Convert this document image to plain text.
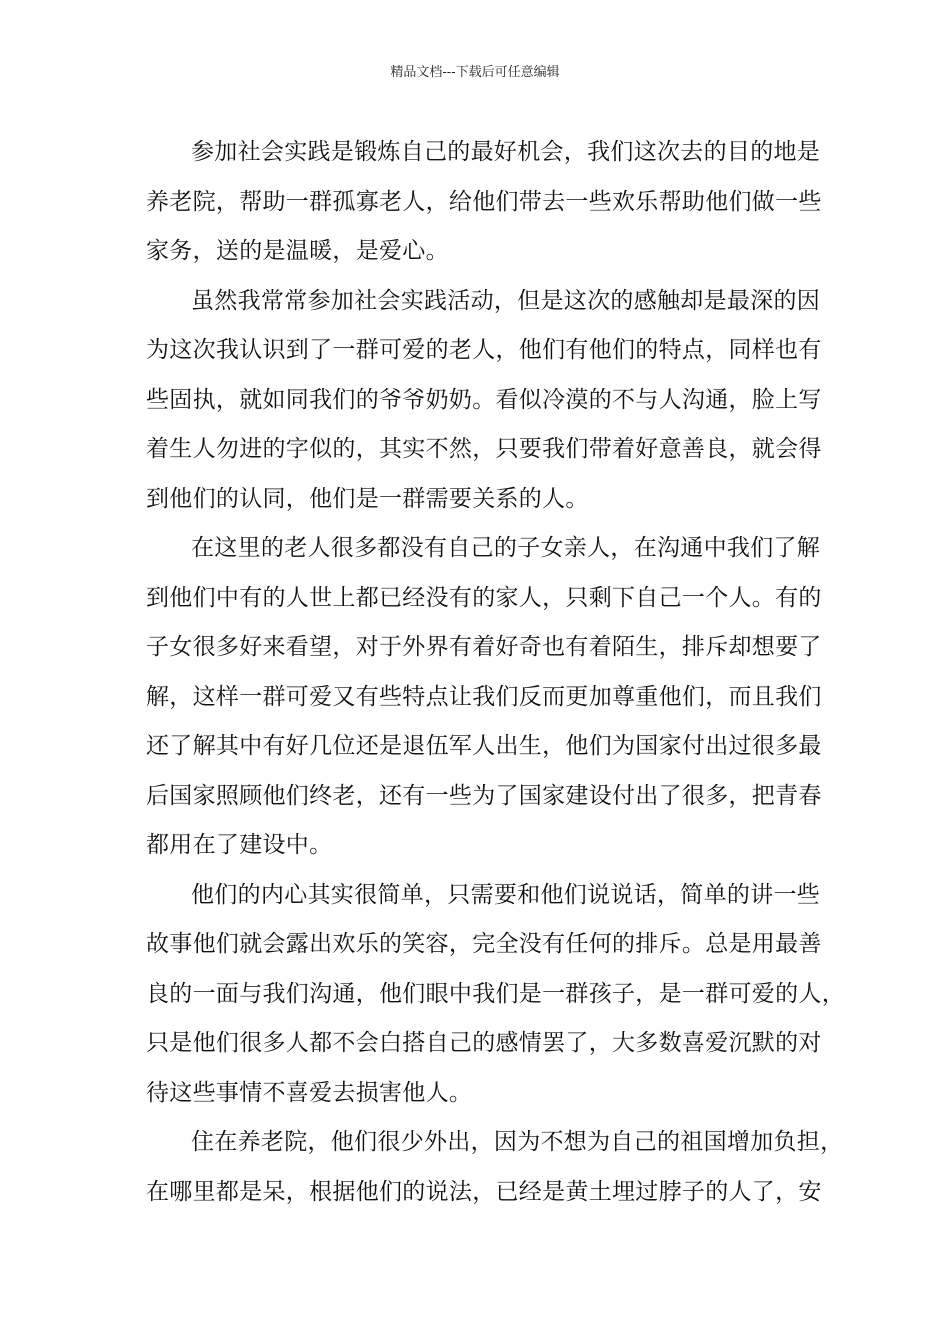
精品文档---下载后可任意编辑
参加社会实践是锻炼自己的最好机会，我们这次去的目的地是
养老院，帮助一群孤寡老人，给他们带去一些欢乐帮助他们做一些
家务，送的是温暖，是爱心。
虽然我常常参加社会实践活动，但是这次的感触却是最深的因
为这次我认识到了一群可爱的老人，他们有他们的特点，同样也有
些固执，就如同我们的爷爷奶奶。看似冷漠的不与人沟通，脸上写
着生人勿进的字似的，其实不然，只要我们带着好意善良，就会得
到他们的认同，他们是一群需要关系的人。
在这里的老人很多都没有自己的子女亲人，在沟通中我们了解
到他们中有的人世上都已经没有的家人，只剩下自己一个人。有的
子女很多好来看望，对于外界有着好奇也有着陌生，排斥却想要了
解，这样一群可爱又有些特点让我们反而更加尊重他们，而且我们
还了解其中有好几位还是退伍军人出生，他们为国家付出过很多最
后国家照顾他们终老，还有一些为了国家建设付出了很多，把青春
都用在了建设中。
他们的内心其实很简单，只需要和他们说说话，简单的讲一些
故事他们就会露出欢乐的笑容，完全没有任何的排斥。总是用最善
良的一面与我们沟通，他们眼中我们是一群孩子，是一群可爱的人，
只是他们很多人都不会白搭自己的感情罢了，大多数喜爱沉默的对
待这些事情不喜爱去损害他人。
住在养老院，他们很少外出，因为不想为自己的祖国增加负担，
在哪里都是呆，根据他们的说法，已经是黄土埋过脖子的人了，安
